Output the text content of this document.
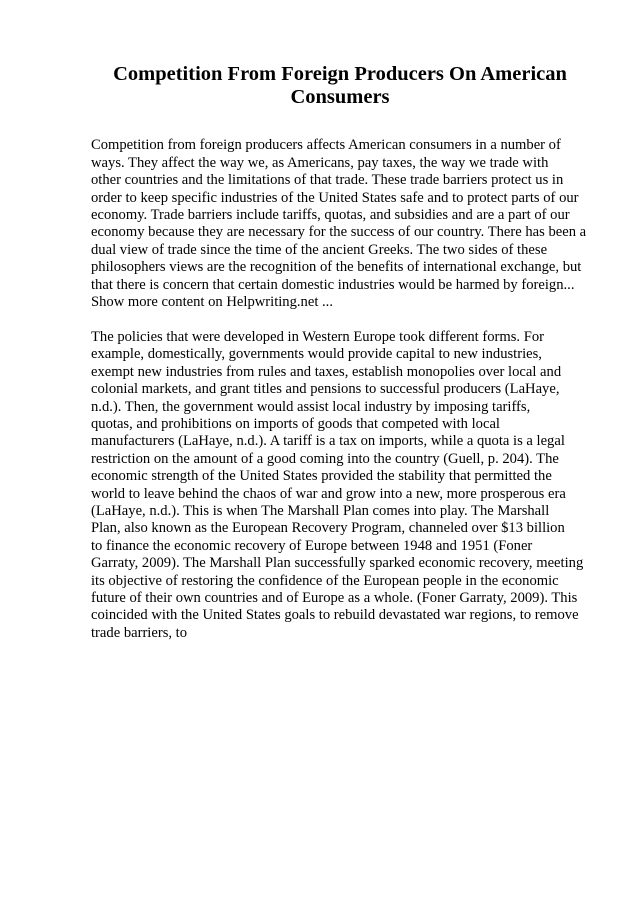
Competition From Foreign Producers On American
Consumers

Competition from foreign producers affects American consumers in a number of
ways. They affect the way we, as Americans, pay taxes, the way we trade with
other countries and the limitations of that trade. These trade barriers protect us in
order to keep specific industries of the United States safe and to protect parts of our
economy. Trade barriers include tariffs, quotas, and subsidies and are a part of our
economy because they are necessary for the success of our country. There has been a
dual view of trade since the time of the ancient Greeks. The two sides of these
philosophers views are the recognition of the benefits of international exchange, but
that there is concern that certain domestic industries would be harmed by foreign...
Show more content on Helpwriting.net ...

The policies that were developed in Western Europe took different forms. For
example, domestically, governments would provide capital to new industries,
exempt new industries from rules and taxes, establish monopolies over local and
colonial markets, and grant titles and pensions to successful producers (LaHaye,
n.d.). Then, the government would assist local industry by imposing tariffs,
quotas, and prohibitions on imports of goods that competed with local
manufacturers (LaHaye, n.d.). A tariff is a tax on imports, while a quota is a legal
restriction on the amount of a good coming into the country (Guell, p. 204). The
economic strength of the United States provided the stability that permitted the
world to leave behind the chaos of war and grow into a new, more prosperous era
(LaHaye, n.d.). This is when The Marshall Plan comes into play. The Marshall
Plan, also known as the European Recovery Program, channeled over $13 billion
to finance the economic recovery of Europe between 1948 and 1951 (Foner
Garraty, 2009). The Marshall Plan successfully sparked economic recovery, meeting
its objective of restoring the confidence of the European people in the economic
future of their own countries and of Europe as a whole. (Foner Garraty, 2009). This
coincided with the United States goals to rebuild devastated war regions, to remove
trade barriers, to
